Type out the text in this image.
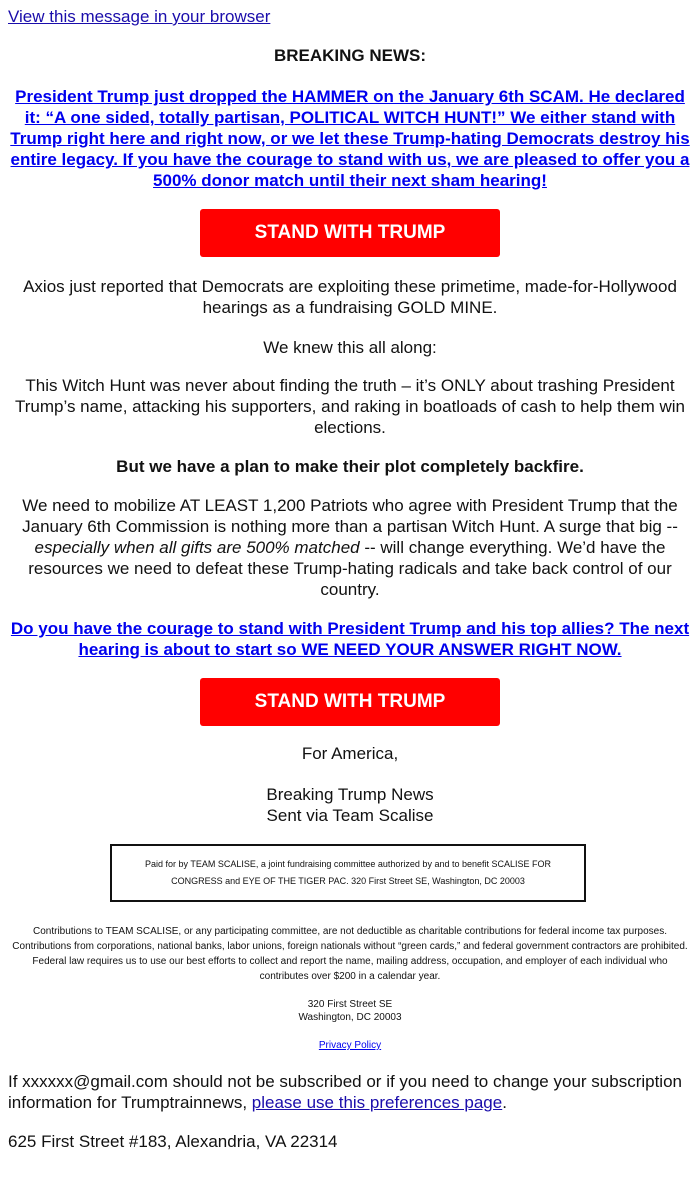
View this message in your browser
BREAKING NEWS:
President Trump just dropped the HAMMER on the January 6th SCAM. He declared it: “A one sided, totally partisan, POLITICAL WITCH HUNT!” We either stand with Trump right here and right now, or we let these Trump-hating Democrats destroy his entire legacy. If you have the courage to stand with us, we are pleased to offer you a 500% donor match until their next sham hearing!
STAND WITH TRUMP
Axios just reported that Democrats are exploiting these primetime, made-for-Hollywood hearings as a fundraising GOLD MINE.
We knew this all along:
This Witch Hunt was never about finding the truth – it’s ONLY about trashing President Trump’s name, attacking his supporters, and raking in boatloads of cash to help them win elections.
But we have a plan to make their plot completely backfire.
We need to mobilize AT LEAST 1,200 Patriots who agree with President Trump that the January 6th Commission is nothing more than a partisan Witch Hunt. A surge that big -- especially when all gifts are 500% matched -- will change everything. We’d have the resources we need to defeat these Trump-hating radicals and take back control of our country.
Do you have the courage to stand with President Trump and his top allies? The next hearing is about to start so WE NEED YOUR ANSWER RIGHT NOW.
STAND WITH TRUMP
For America,
Breaking Trump News
Sent via Team Scalise
Paid for by TEAM SCALISE, a joint fundraising committee authorized by and to benefit SCALISE FOR CONGRESS and EYE OF THE TIGER PAC. 320 First Street SE, Washington, DC 20003
Contributions to TEAM SCALISE, or any participating committee, are not deductible as charitable contributions for federal income tax purposes. Contributions from corporations, national banks, labor unions, foreign nationals without “green cards,” and federal government contractors are prohibited. Federal law requires us to use our best efforts to collect and report the name, mailing address, occupation, and employer of each individual who contributes over $200 in a calendar year.
320 First Street SE
Washington, DC 20003
Privacy Policy
If xxxxxx@gmail.com should not be subscribed or if you need to change your subscription information for Trumptrainnews, please use this preferences page.
625 First Street #183, Alexandria, VA 22314
